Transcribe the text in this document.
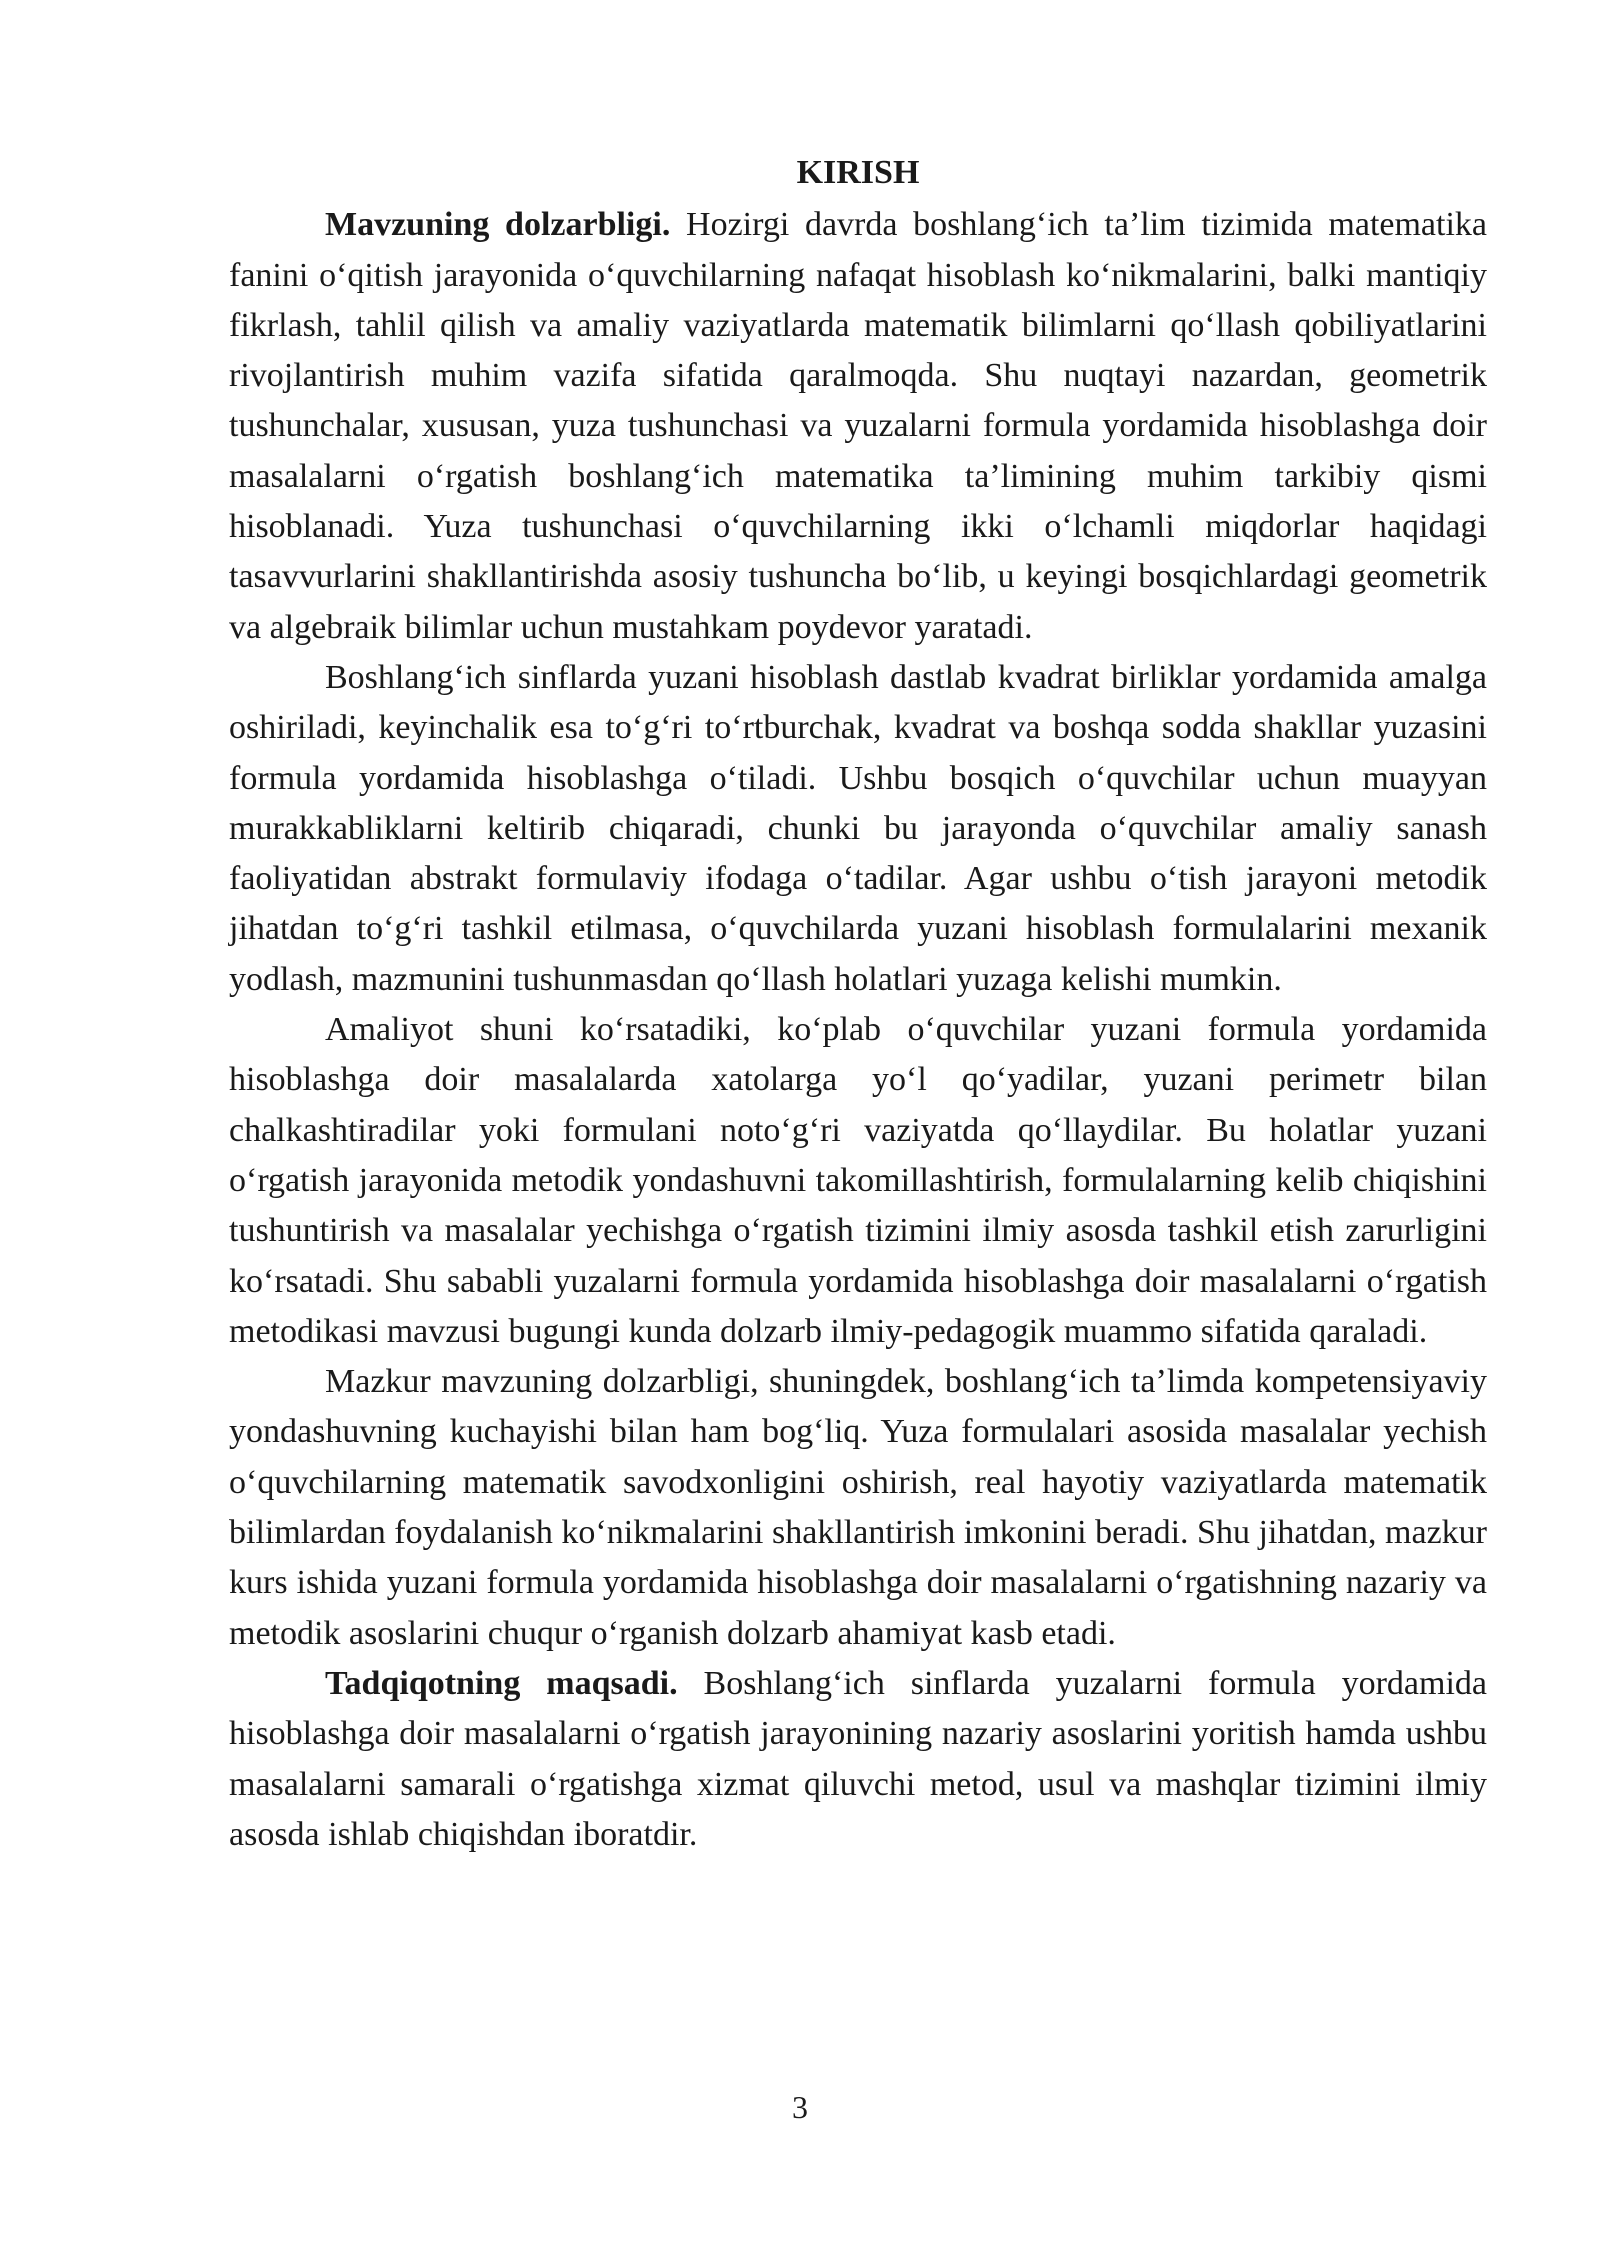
KIRISH

Mavzuning dolzarbligi. Hozirgi davrda boshlang‘ich ta’lim tizimida matematika fanini o‘qitish jarayonida o‘quvchilarning nafaqat hisoblash ko‘nikmalarini, balki mantiqiy fikrlash, tahlil qilish va amaliy vaziyatlarda matematik bilimlarni qo‘llash qobiliyatlarini rivojlantirish muhim vazifa sifatida qaralmoqda. Shu nuqtayi nazardan, geometrik tushunchalar, xususan, yuza tushunchasi va yuzalarni formula yordamida hisoblashga doir masalalarni o‘rgatish boshlang‘ich matematika ta’limining muhim tarkibiy qismi hisoblanadi. Yuza tushunchasi o‘quvchilarning ikki o‘lchamli miqdorlar haqidagi tasavvurlarini shakllantirishda asosiy tushuncha bo‘lib, u keyingi bosqichlardagi geometrik va algebraik bilimlar uchun mustahkam poydevor yaratadi.

Boshlang‘ich sinflarda yuzani hisoblash dastlab kvadrat birliklar yordamida amalga oshiriladi, keyinchalik esa to‘g‘ri to‘rtburchak, kvadrat va boshqa sodda shakllar yuzasini formula yordamida hisoblashga o‘tiladi. Ushbu bosqich o‘quvchilar uchun muayyan murakkabliklarni keltirib chiqaradi, chunki bu jarayonda o‘quvchilar amaliy sanash faoliyatidan abstrakt formulaviy ifodaga o‘tadilar. Agar ushbu o‘tish jarayoni metodik jihatdan to‘g‘ri tashkil etilmasa, o‘quvchilarda yuzani hisoblash formulalarini mexanik yodlash, mazmunini tushunmasdan qo‘llash holatlari yuzaga kelishi mumkin.

Amaliyot shuni ko‘rsatadiki, ko‘plab o‘quvchilar yuzani formula yordamida hisoblashga doir masalalarda xatolarga yo‘l qo‘yadilar, yuzani perimetr bilan chalkashtiradilar yoki formulani noto‘g‘ri vaziyatda qo‘llaydilar. Bu holatlar yuzani o‘rgatish jarayonida metodik yondashuvni takomillashtirish, formulalarning kelib chiqishini tushuntirish va masalalar yechishga o‘rgatish tizimini ilmiy asosda tashkil etish zarurligini ko‘rsatadi. Shu sababli yuzalarni formula yordamida hisoblashga doir masalalarni o‘rgatish metodikasi mavzusi bugungi kunda dolzarb ilmiy-pedagogik muammo sifatida qaraladi.

Mazkur mavzuning dolzarbligi, shuningdek, boshlang‘ich ta’limda kompetensiyaviy yondashuvning kuchayishi bilan ham bog‘liq. Yuza formulalari asosida masalalar yechish o‘quvchilarning matematik savodxonligini oshirish, real hayotiy vaziyatlarda matematik bilimlardan foydalanish ko‘nikmalarini shakllantirish imkonini beradi. Shu jihatdan, mazkur kurs ishida yuzani formula yordamida hisoblashga doir masalalarni o‘rgatishning nazariy va metodik asoslarini chuqur o‘rganish dolzarb ahamiyat kasb etadi.

Tadqiqotning maqsadi. Boshlang‘ich sinflarda yuzalarni formula yordamida hisoblashga doir masalalarni o‘rgatish jarayonining nazariy asoslarini yoritish hamda ushbu masalalarni samarali o‘rgatishga xizmat qiluvchi metod, usul va mashqlar tizimini ilmiy asosda ishlab chiqishdan iboratdir.

3
